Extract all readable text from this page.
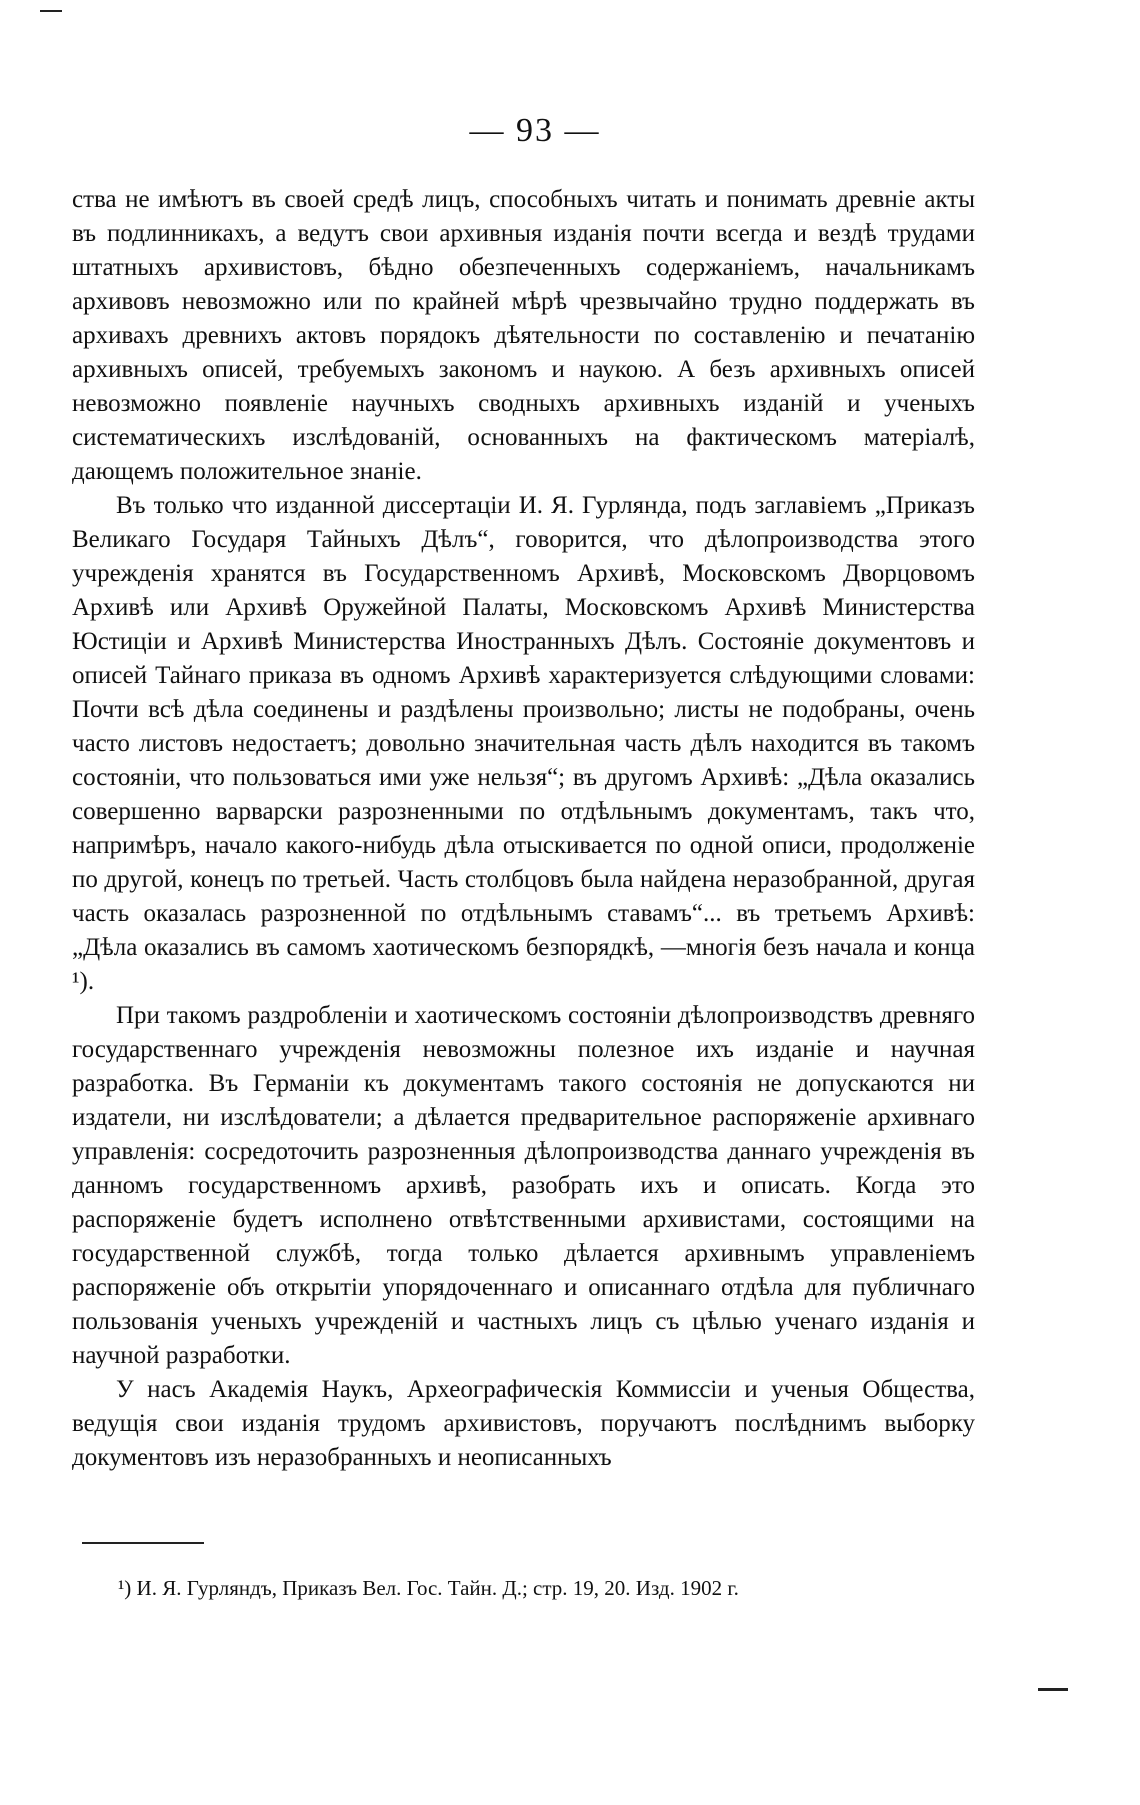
— 93 —

ства не имѣютъ въ своей средѣ лицъ, способныхъ читать и понимать древніе акты въ подлинникахъ, а ведутъ свои архивныя изданія почти всегда и вездѣ трудами штатныхъ архивистовъ, бѣдно обезпеченныхъ содержаніемъ, начальникамъ архивовъ невозможно или по крайней мѣрѣ чрезвычайно трудно поддержать въ архивахъ древнихъ актовъ порядокъ дѣятельности по составленію и печатанію архивныхъ описей, требуемыхъ закономъ и наукою. А безъ архивныхъ описей невозможно появленіе научныхъ сводныхъ архивныхъ изданій и ученыхъ систематическихъ изслѣдованій, основанныхъ на фактическомъ матеріалѣ, дающемъ положительное знаніе.

Въ только что изданной диссертаціи И. Я. Гурлянда, подъ заглавіемъ „Приказъ Великаго Государя Тайныхъ Дѣлъ“, говорится, что дѣлопроизводства этого учрежденія хранятся въ Государственномъ Архивѣ, Московскомъ Дворцовомъ Архивѣ или Архивѣ Оружейной Палаты, Московскомъ Архивѣ Министерства Юстиціи и Архивѣ Министерства Иностранныхъ Дѣлъ. Состояніе документовъ и описей Тайнаго приказа въ одномъ Архивѣ характеризуется слѣдующими словами: Почти всѣ дѣла соединены и раздѣлены произвольно; листы не подобраны, очень часто листовъ недостаетъ; довольно значительная часть дѣлъ находится въ такомъ состояніи, что пользоваться ими уже нельзя“; въ другомъ Архивѣ: „Дѣла оказались совершенно варварски разрозненными по отдѣльнымъ документамъ, такъ что, напримѣръ, начало какого-нибудь дѣла отыскивается по одной описи, продолженіе по другой, конецъ по третьей. Часть столбцовъ была найдена неразобранной, другая часть оказалась разрозненной по отдѣльнымъ ставамъ“... въ третьемъ Архивѣ: „Дѣла оказались въ самомъ хаотическомъ безпорядкѣ, —многія безъ начала и конца ¹).

При такомъ раздробленіи и хаотическомъ состояніи дѣлопроизводствъ древняго государственнаго учрежденія невозможны полезное ихъ изданіе и научная разработка. Въ Германіи къ документамъ такого состоянія не допускаются ни издатели, ни изслѣдователи; а дѣлается предварительное распоряженіе архивнаго управленія: сосредоточить разрозненныя дѣлопроизводства даннаго учрежденія въ данномъ государственномъ архивѣ, разобрать ихъ и описать. Когда это распоряженіе будетъ исполнено отвѣтственными архивистами, состоящими на государственной службѣ, тогда только дѣлается архивнымъ управленіемъ распоряженіе объ открытіи упорядоченнаго и описаннаго отдѣла для публичнаго пользованія ученыхъ учрежденій и частныхъ лицъ съ цѣлью ученаго изданія и научной разработки.

У насъ Академія Наукъ, Археографическія Коммиссіи и ученыя Общества, ведущія свои изданія трудомъ архивистовъ, поручаютъ послѣднимъ выборку документовъ изъ неразобранныхъ и неописанныхъ

¹) И. Я. Гурляндъ, Приказъ Вел. Гос. Тайн. Д.; стр. 19, 20. Изд. 1902 г.
